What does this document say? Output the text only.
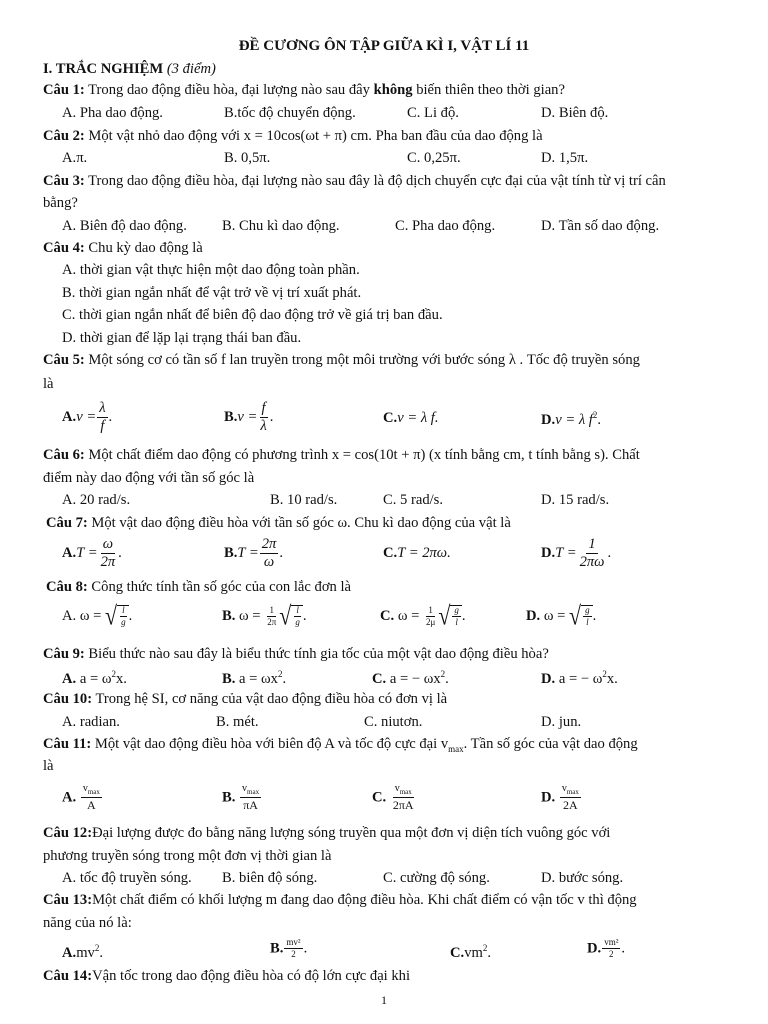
ĐỀ CƯƠNG ÔN TẬP GIỮA KÌ I, VẬT LÍ 11
I. TRẮC NGHIỆM (3 điểm)
Câu 1: Trong dao động điều hòa, đại lượng nào sau đây không biến thiên theo thời gian?
A. Pha dao động.	B.tốc độ chuyển động.	C. Li độ.	D. Biên độ.
Câu 2: Một vật nhỏ dao động với x = 10cos(ωt + π) cm. Pha ban đầu của dao động là
A.π.	B. 0,5π.	C. 0,25π.	D. 1,5π.
Câu 3: Trong dao động điều hòa, đại lượng nào sau đây là độ dịch chuyển cực đại của vật tính từ vị trí cân
bằng?
A. Biên độ dao động. B. Chu kì dao động.	C. Pha dao động.	D. Tần số dao động.
Câu 4: Chu kỳ dao động là
A. thời gian vật thực hiện một dao động toàn phần.
B. thời gian ngắn nhất để vật trở về vị trí xuất phát.
C. thời gian ngắn nhất để biên độ dao động trở về giá trị ban đầu.
D. thời gian để lặp lại trạng thái ban đầu.
Câu 5: Một sóng cơ có tần số f lan truyền trong một môi trường với bước sóng λ . Tốc độ truyền sóng
là
$A.v = \frac{\lambda}{f}$ .	$B.v = \frac{f}{\lambda}$ .	C.v = λ f.	D.v = λ $f^2$.
Câu 6: Một chất điểm dao động có phương trình x = cos(10t + π) (x tính bằng cm, t tính bằng s). Chất
điểm này dao động với tần số góc là
A. 20 rad/s.	B. 10 rad/s.	C. 5 rad/s.	D. 15 rad/s.
Câu 7: Một vật dao động điều hòa với tần số góc ω. Chu kì dao động của vật là
$A.T = \frac{\omega}{2\pi}$ .	$B.T = \frac{2\pi}{\omega}$ .	C.T = 2πω.	$D.T = \frac{1}{2\pi\omega}$ .
Câu 8: Công thức tính tần số góc của con lắc đơn là
A. ω = √ $\frac{l}{g}$ .	B. $\omega = \frac{1}{2\pi}$ √ $\frac{l}{g}$ .	C. $\omega = \frac{1}{2\mu}$ √ $\frac{g}{l}$ .	D. ω = √ $\frac{g}{l}$ .
Câu 9: Biểu thức nào sau đây là biểu thức tính gia tốc của một vật dao động điều hòa?
A. $a = \omega^2x$.	B. $a = \omega x^2$.	C. a = − $\omega x^2$.	D. a = − $\omega^2x$.
Câu 10: Trong hệ SI, cơ năng của vật dao động điều hòa có đơn vị là
A. radian.	B. mét.	C. niutơn.	D. jun.
Câu 11: Một vật dao động điều hòa với biên độ A và tốc độ cực đại $v_{max}$. Tần số góc của vật dao động
là
A. $\frac{v_{max}}{A}$	B. $\frac{v_{max}}{\pi A}$	C. $\frac{v_{max}}{2\pi A}$	D. $\frac{v_{max}}{2A}$
Câu 12:Đại lượng được đo bằng năng lượng sóng truyền qua một đơn vị diện tích vuông góc với
phương truyền sóng trong một đơn vị thời gian là
A. tốc độ truyền sóng. B. biên độ sóng.	C. cường độ sóng.	D. bước sóng.
Câu 13:Một chất điểm có khối lượng m đang dao động điều hòa. Khi chất điểm có vận tốc v thì động
năng của nó là:
$A.mv^2$.	B. $\frac{\text{mv²}}{2}$ .	$C.vm^2$.	D. $\frac{\text{vm²}}{2}$ .
Câu 14:Vận tốc trong dao động điều hòa có độ lớn cực đại khi
1
